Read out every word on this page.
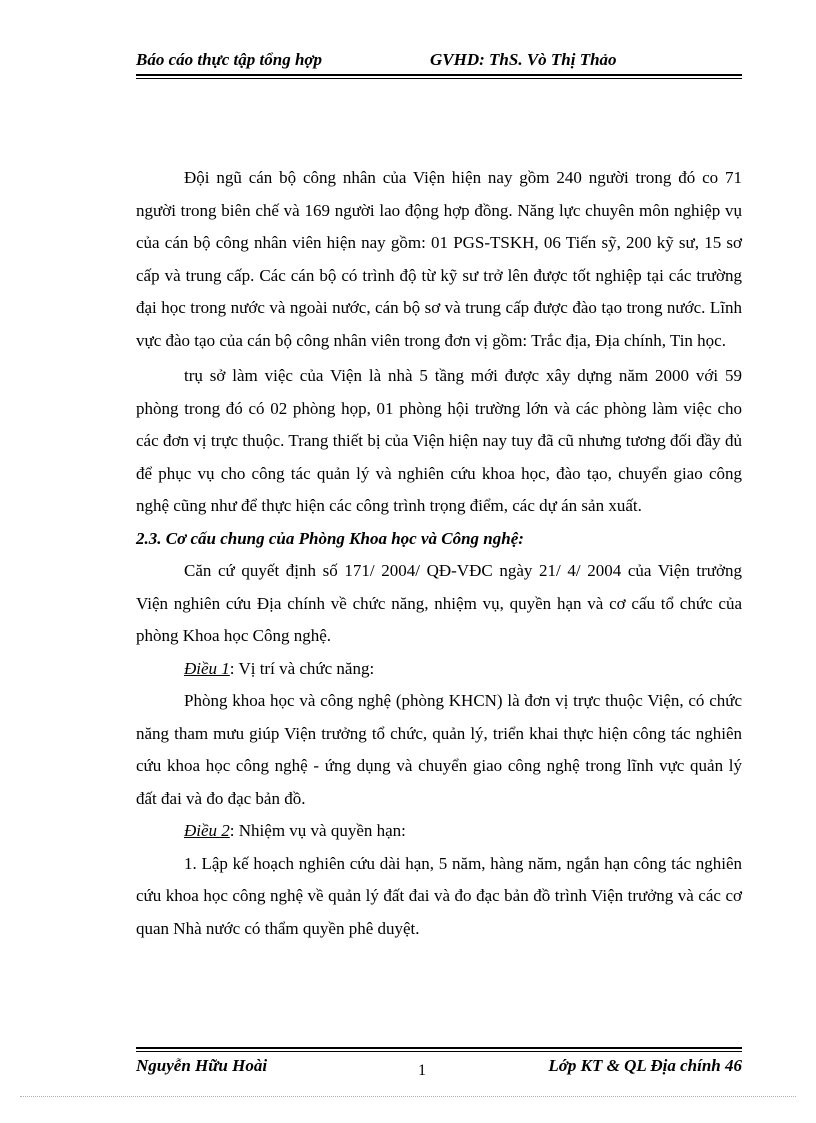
Báo cáo thực tập tổng hợp	GVHD: ThS. Vò Thị Thảo

Đội ngũ cán bộ công nhân của Viện hiện nay gồm 240 người trong đó co 71 người trong biên chế và 169 người lao động hợp đồng. Năng lực chuyên môn nghiệp vụ của cán bộ công nhân viên hiện nay gồm: 01 PGS-TSKH, 06 Tiến sỹ, 200 kỹ sư, 15 sơ cấp và trung cấp. Các cán bộ có trình độ từ kỹ sư trở lên được tốt nghiệp tại các trường đại học trong nước và ngoài nước, cán bộ sơ và trung cấp được đào tạo trong nước. Lĩnh vực đào tạo của cán bộ công nhân viên trong đơn vị gồm: Trắc địa, Địa chính, Tin học.

trụ sở làm việc của Viện là nhà 5 tầng mới được xây dựng năm 2000 với 59 phòng trong đó có 02 phòng họp, 01 phòng hội trường lớn và các phòng làm việc cho các đơn vị trực thuộc. Trang thiết bị của Viện hiện nay tuy đã cũ nhưng tương đối đầy đủ để phục vụ cho công tác quản lý và nghiên cứu khoa học, đào tạo, chuyển giao công nghệ cũng như để thực hiện các công trình trọng điểm, các dự án sản xuất.

2.3. Cơ cấu chung của Phòng Khoa học và Công nghệ:

Căn cứ quyết định số 171/ 2004/ QĐ-VĐC ngày 21/ 4/ 2004 của Viện trưởng Viện nghiên cứu Địa chính về chức năng, nhiệm vụ, quyền hạn và cơ cấu tổ chức của phòng Khoa học Công nghệ.

Điều 1: Vị trí và chức năng:

Phòng khoa học và công nghệ (phòng KHCN) là đơn vị trực thuộc Viện, có chức năng tham mưu giúp Viện trưởng tổ chức, quản lý, triển khai thực hiện công tác nghiên cứu khoa học công nghệ - ứng dụng và chuyển giao công nghệ trong lĩnh vực quản lý đất đai và đo đạc bản đồ.

Điều 2: Nhiệm vụ và quyền hạn:

1. Lập kế hoạch nghiên cứu dài hạn, 5 năm, hàng năm, ngắn hạn công tác nghiên cứu khoa học công nghệ về quản lý đất đai và đo đạc bản đồ trình Viện trưởng và các cơ quan Nhà nước có thẩm quyền phê duyệt.

Nguyễn Hữu Hoài	1	Lớp KT & QL Địa chính 46
